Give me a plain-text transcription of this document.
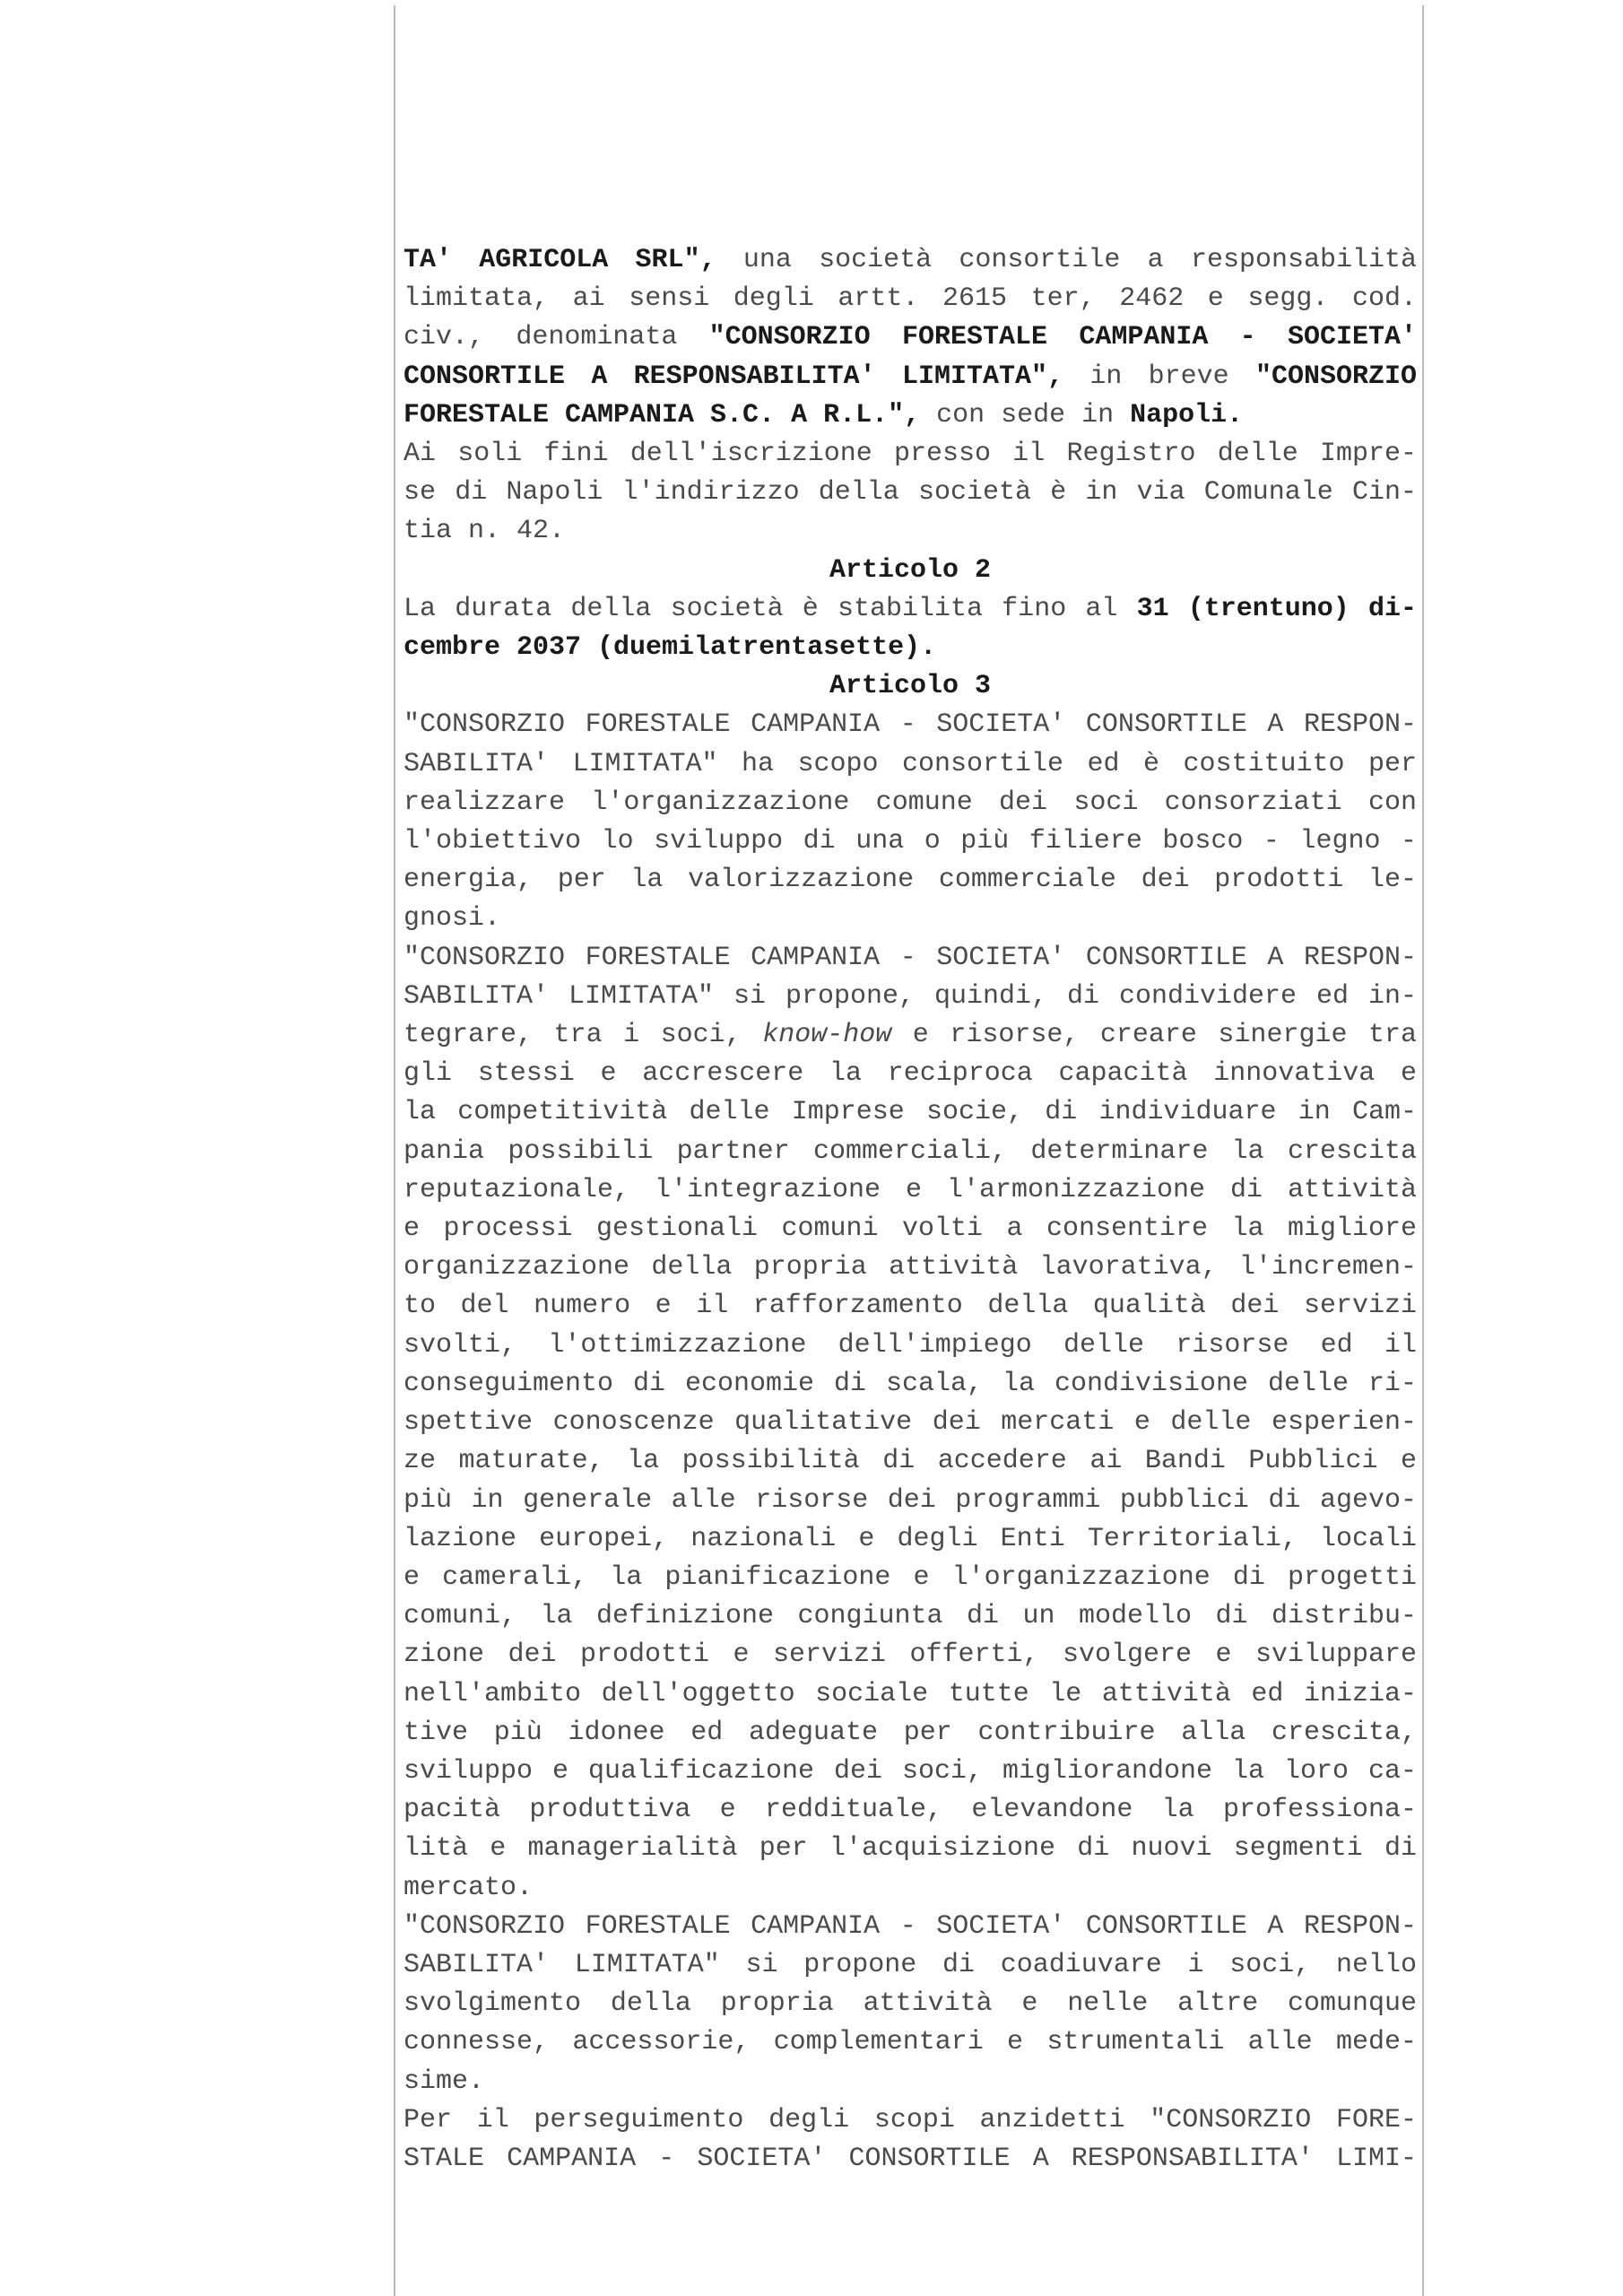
TA' AGRICOLA SRL", una società consortile a responsabilità
limitata, ai sensi degli artt. 2615 ter, 2462 e segg. cod.
civ., denominata "CONSORZIO FORESTALE CAMPANIA - SOCIETA'
CONSORTILE A RESPONSABILITA' LIMITATA", in breve "CONSORZIO
FORESTALE CAMPANIA S.C. A R.L.", con sede in Napoli.
Ai soli fini dell'iscrizione presso il Registro delle Impre-
se di Napoli l'indirizzo della società è in via Comunale Cin-
tia n. 42.
Articolo 2
La durata della società è stabilita fino al 31 (trentuno) di-
cembre 2037 (duemilatrentasette).
Articolo 3
"CONSORZIO FORESTALE CAMPANIA - SOCIETA' CONSORTILE A RESPON-
SABILITA' LIMITATA" ha scopo consortile ed è costituito per
realizzare l'organizzazione comune dei soci consorziati con
l'obiettivo lo sviluppo di una o più filiere bosco - legno -
energia, per la valorizzazione commerciale dei prodotti le-
gnosi.
"CONSORZIO FORESTALE CAMPANIA - SOCIETA' CONSORTILE A RESPON-
SABILITA' LIMITATA" si propone, quindi, di condividere ed in-
tegrare, tra i soci, know-how e risorse, creare sinergie tra
gli stessi e accrescere la reciproca capacità innovativa e
la competitività delle Imprese socie, di individuare in Cam-
pania possibili partner commerciali, determinare la crescita
reputazionale, l'integrazione e l'armonizzazione di attività
e processi gestionali comuni volti a consentire la migliore
organizzazione della propria attività lavorativa, l'incremen-
to del numero e il rafforzamento della qualità dei servizi
svolti, l'ottimizzazione dell'impiego delle risorse ed il
conseguimento di economie di scala, la condivisione delle ri-
spettive conoscenze qualitative dei mercati e delle esperien-
ze maturate, la possibilità di accedere ai Bandi Pubblici e
più in generale alle risorse dei programmi pubblici di agevo-
lazione europei, nazionali e degli Enti Territoriali, locali
e camerali, la pianificazione e l'organizzazione di progetti
comuni, la definizione congiunta di un modello di distribu-
zione dei prodotti e servizi offerti, svolgere e sviluppare
nell'ambito dell'oggetto sociale tutte le attività ed inizia-
tive più idonee ed adeguate per contribuire alla crescita,
sviluppo e qualificazione dei soci, migliorandone la loro ca-
pacità produttiva e reddituale, elevandone la professiona-
lità e managerialità per l'acquisizione di nuovi segmenti di
mercato.
"CONSORZIO FORESTALE CAMPANIA - SOCIETA' CONSORTILE A RESPON-
SABILITA' LIMITATA" si propone di coadiuvare i soci, nello
svolgimento della propria attività e nelle altre comunque
connesse, accessorie, complementari e strumentali alle mede-
sime.
Per il perseguimento degli scopi anzidetti "CONSORZIO FORE-
STALE CAMPANIA - SOCIETA' CONSORTILE A RESPONSABILITA' LIMI-
